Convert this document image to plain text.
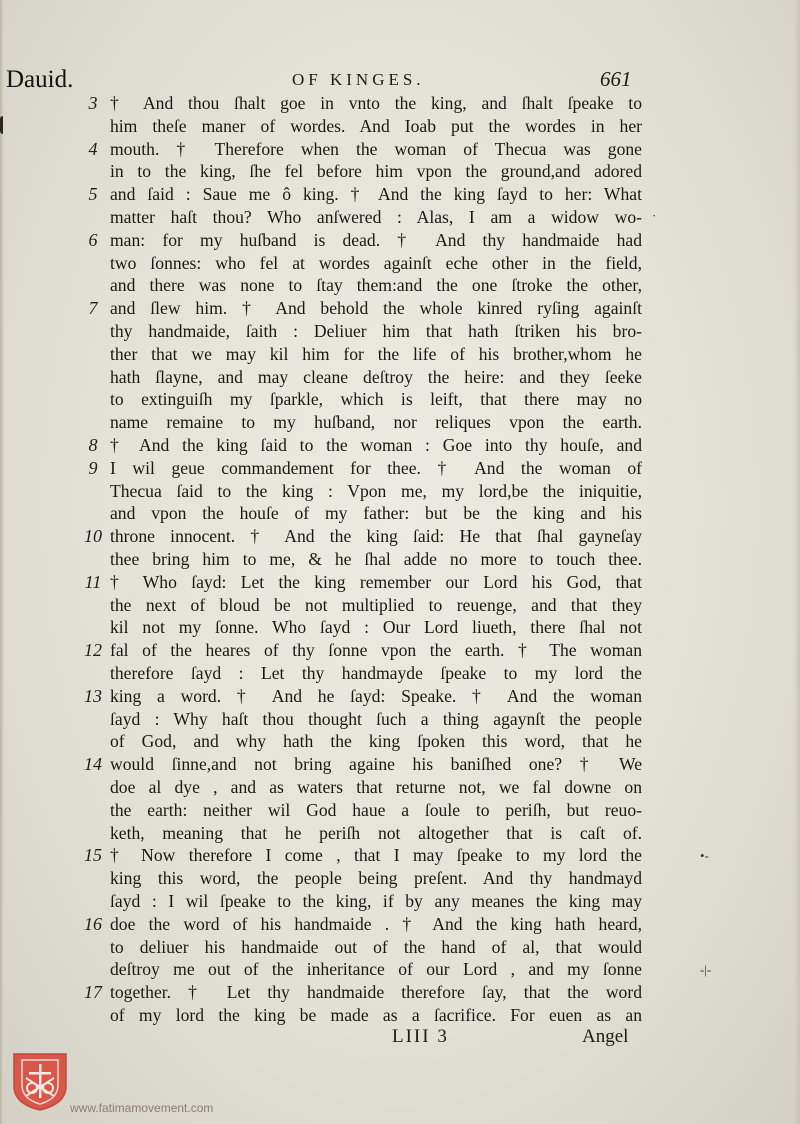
Dauid.	OF KINGES.	661
3 † And thou ſhalt goe in vnto the king, and ſhalt ſpeake to
him theſe maner of wordes. And Ioab put the wordes in her
4 mouth. † Therefore when the woman of Thecua was gone
in to the king, ſhe fel before him vpon the ground,and adored
5 and ſaid : Saue me ô king. † And the king ſayd to her: What
matter haſt thou? Who anſwered : Alas, I am a widow wo-
6 man: for my huſband is dead. † And thy handmaide had
two ſonnes: who fel at wordes againſt eche other in the field,
and there was none to ſtay them:and the one ſtroke the other,
7 and ſlew him. † And behold the whole kinred ryſing againſt
thy handmaide, ſaith : Deliuer him that hath ſtriken his bro-
ther that we may kil him for the life of his brother,whom he
hath ſlayne, and may cleane deſtroy the heire: and they ſeeke
to extinguiſh my ſparkle, which is leift, that there may no
name remaine to my huſband, nor reliques vpon the earth.
8 † And the king ſaid to the woman : Goe into thy houſe, and
9 I wil geue commandement for thee. † And the woman of
Thecua ſaid to the king : Vpon me, my lord,be the iniquitie,
and vpon the houſe of my father: but be the king and his
10 throne innocent. † And the king ſaid: He that ſhal gayneſay
thee bring him to me, & he ſhal adde no more to touch thee.
11 † Who ſayd: Let the king remember our Lord his God, that
the next of bloud be not multiplied to reuenge, and that they
kil not my ſonne. Who ſayd : Our Lord liueth, there ſhal not
12 fal of the heares of thy ſonne vpon the earth. † The woman
therefore ſayd : Let thy handmayde ſpeake to my lord the
13 king a word. † And he ſayd: Speake. † And the woman
ſayd : Why haſt thou thought ſuch a thing agaynſt the people
of God, and why hath the king ſpoken this word, that he
14 would ſinne,and not bring againe his baniſhed one? † We
doe al dye , and as waters that returne not, we fal downe on
the earth: neither wil God haue a ſoule to periſh, but reuo-
keth, meaning that he periſh not altogether that is caſt of.
15 † Now therefore I come , that I may ſpeake to my lord the
king this word, the people being preſent. And thy handmayd
ſayd : I wil ſpeake to the king, if by any meanes the king may
16 doe the word of his handmaide . † And the king hath heard,
to deliuer his handmaide out of the hand of al, that would
deſtroy me out of the inheritance of our Lord , and my ſonne
17 together. † Let thy handmaide therefore ſay, that the word
of my lord the king be made as a ſacrifice. For euen as an
·
•-
-|-
LIII 3	Angel
www.fatimamovement.com
